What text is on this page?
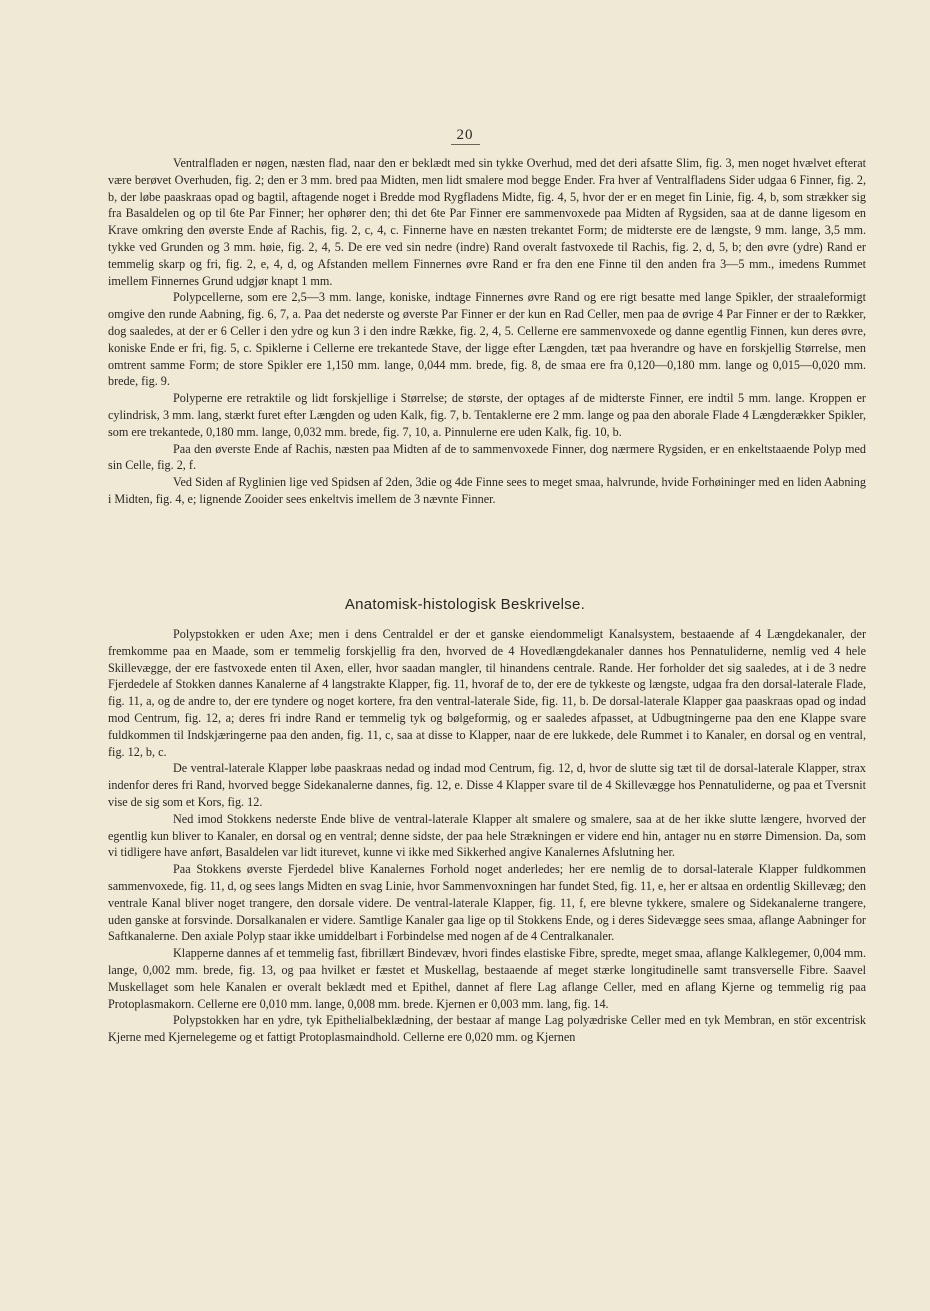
20

Ventralfladen er nøgen, næsten flad, naar den er beklædt med sin tykke Overhud, med det deri afsatte Slim, fig. 3, men noget hvælvet efterat være berøvet Overhuden, fig. 2; den er 3 mm. bred paa Midten, men lidt smalere mod begge Ender. Fra hver af Ventralfladens Sider udgaa 6 Finner, fig. 2, b, der løbe paaskraas opad og bagtil, aftagende noget i Bredde mod Rygfladens Midte, fig. 4, 5, hvor der er en meget fin Linie, fig. 4, b, som strækker sig fra Basaldelen og op til 6te Par Finner; her ophører den; thi det 6te Par Finner ere sammenvoxede paa Midten af Rygsiden, saa at de danne ligesom en Krave omkring den øverste Ende af Rachis, fig. 2, c, 4, c. Finnerne have en næsten trekantet Form; de midterste ere de længste, 9 mm. lange, 3,5 mm. tykke ved Grunden og 3 mm. høie, fig. 2, 4, 5. De ere ved sin nedre (indre) Rand overalt fastvoxede til Rachis, fig. 2, d, 5, b; den øvre (ydre) Rand er temmelig skarp og fri, fig. 2, e, 4, d, og Afstanden mellem Finnernes øvre Rand er fra den ene Finne til den anden fra 3—5 mm., imedens Rummet imellem Finnernes Grund udgjør knapt 1 mm.

Polypcellerne, som ere 2,5—3 mm. lange, koniske, indtage Finnernes øvre Rand og ere rigt besatte med lange Spikler, der straaleformigt omgive den runde Aabning, fig. 6, 7, a. Paa det nederste og øverste Par Finner er der kun en Rad Celler, men paa de øvrige 4 Par Finner er der to Rækker, dog saaledes, at der er 6 Celler i den ydre og kun 3 i den indre Række, fig. 2, 4, 5. Cellerne ere sammenvoxede og danne egentlig Finnen, kun deres øvre, koniske Ende er fri, fig. 5, c. Spiklerne i Cellerne ere trekantede Stave, der ligge efter Længden, tæt paa hverandre og have en forskjellig Størrelse, men omtrent samme Form; de store Spikler ere 1,150 mm. lange, 0,044 mm. brede, fig. 8, de smaa ere fra 0,120—0,180 mm. lange og 0,015—0,020 mm. brede, fig. 9.

Polyperne ere retraktile og lidt forskjellige i Størrelse; de største, der optages af de midterste Finner, ere indtil 5 mm. lange. Kroppen er cylindrisk, 3 mm. lang, stærkt furet efter Længden og uden Kalk, fig. 7, b. Tentaklerne ere 2 mm. lange og paa den aborale Flade 4 Længderækker Spikler, som ere trekantede, 0,180 mm. lange, 0,032 mm. brede, fig. 7, 10, a. Pinnulerne ere uden Kalk, fig. 10, b.

Paa den øverste Ende af Rachis, næsten paa Midten af de to sammenvoxede Finner, dog nærmere Rygsiden, er en enkeltstaaende Polyp med sin Celle, fig. 2, f.

Ved Siden af Ryglinien lige ved Spidsen af 2den, 3die og 4de Finne sees to meget smaa, halvrunde, hvide Forhøininger med en liden Aabning i Midten, fig. 4, e; lignende Zooider sees enkeltvis imellem de 3 nævnte Finner.

Anatomisk-histologisk Beskrivelse.

Polypstokken er uden Axe; men i dens Centraldel er der et ganske eiendommeligt Kanalsystem, bestaaende af 4 Længdekanaler, der fremkomme paa en Maade, som er temmelig forskjellig fra den, hvorved de 4 Hovedlængdekanaler dannes hos Pennatuliderne, nemlig ved 4 hele Skillevægge, der ere fastvoxede enten til Axen, eller, hvor saadan mangler, til hinandens centrale. Rande. Her forholder det sig saaledes, at i de 3 nedre Fjerdedele af Stokken dannes Kanalerne af 4 langstrakte Klapper, fig. 11, hvoraf de to, der ere de tykkeste og længste, udgaa fra den dorsal-laterale Flade, fig. 11, a, og de andre to, der ere tyndere og noget kortere, fra den ventral-laterale Side, fig. 11, b. De dorsal-laterale Klapper gaa paaskraas opad og indad mod Centrum, fig. 12, a; deres fri indre Rand er temmelig tyk og bølgeformig, og er saaledes afpasset, at Udbugtningerne paa den ene Klappe svare fuldkommen til Indskjæringerne paa den anden, fig. 11, c, saa at disse to Klapper, naar de ere lukkede, dele Rummet i to Kanaler, en dorsal og en ventral, fig. 12, b, c.

De ventral-laterale Klapper løbe paaskraas nedad og indad mod Centrum, fig. 12, d, hvor de slutte sig tæt til de dorsal-laterale Klapper, strax indenfor deres fri Rand, hvorved begge Sidekanalerne dannes, fig. 12, e. Disse 4 Klapper svare til de 4 Skillevægge hos Pennatuliderne, og paa et Tversnit vise de sig som et Kors, fig. 12.

Ned imod Stokkens nederste Ende blive de ventral-laterale Klapper alt smalere og smalere, saa at de her ikke slutte længere, hvorved der egentlig kun bliver to Kanaler, en dorsal og en ventral; denne sidste, der paa hele Strækningen er videre end hin, antager nu en større Dimension. Da, som vi tidligere have anført, Basaldelen var lidt iturevet, kunne vi ikke med Sikkerhed angive Kanalernes Afslutning her.

Paa Stokkens øverste Fjerdedel blive Kanalernes Forhold noget anderledes; her ere nemlig de to dorsal-laterale Klapper fuldkommen sammenvoxede, fig. 11, d, og sees langs Midten en svag Linie, hvor Sammenvoxningen har fundet Sted, fig. 11, e, her er altsaa en ordentlig Skillevæg; den ventrale Kanal bliver noget trangere, den dorsale videre. De ventral-laterale Klapper, fig. 11, f, ere blevne tykkere, smalere og Sidekanalerne trangere, uden ganske at forsvinde. Dorsalkanalen er videre. Samtlige Kanaler gaa lige op til Stokkens Ende, og i deres Sidevægge sees smaa, aflange Aabninger for Saftkanalerne. Den axiale Polyp staar ikke umiddelbart i Forbindelse med nogen af de 4 Centralkanaler.

Klapperne dannes af et temmelig fast, fibrillært Bindevæv, hvori findes elastiske Fibre, spredte, meget smaa, aflange Kalklegemer, 0,004 mm. lange, 0,002 mm. brede, fig. 13, og paa hvilket er fæstet et Muskellag, bestaaende af meget stærke longitudinelle samt transverselle Fibre. Saavel Muskellaget som hele Kanalen er overalt beklædt med et Epithel, dannet af flere Lag aflange Celler, med en aflang Kjerne og temmelig rig paa Protoplasmakorn. Cellerne ere 0,010 mm. lange, 0,008 mm. brede. Kjernen er 0,003 mm. lang, fig. 14.

Polypstokken har en ydre, tyk Epithelialbeklædning, der bestaar af mange Lag polyædriske Celler med en tyk Membran, en stör excentrisk Kjerne med Kjernelegeme og et fattigt Protoplasmaindhold. Cellerne ere 0,020 mm. og Kjernen
